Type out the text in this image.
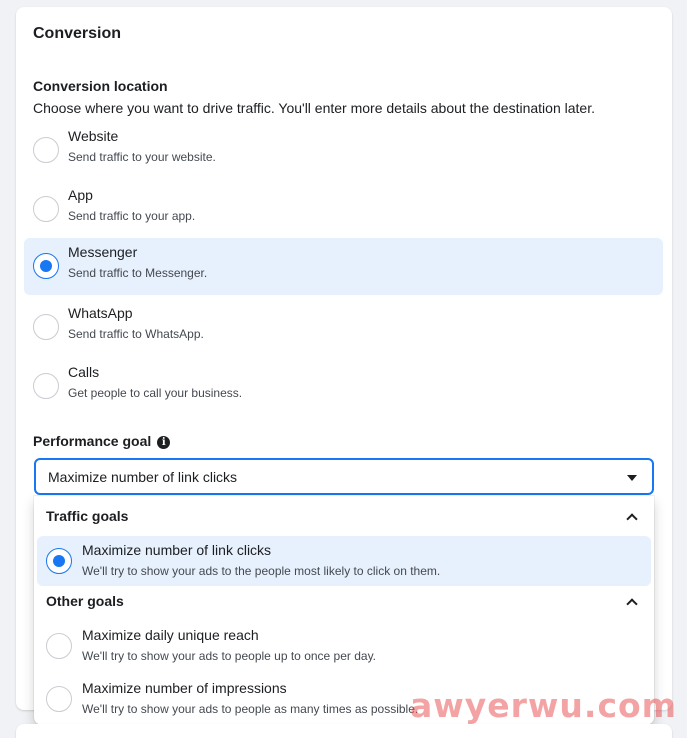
Conversion
Conversion location
Choose where you want to drive traffic. You'll enter more details about the destination later.
Website
Send traffic to your website.
App
Send traffic to your app.
Messenger
Send traffic to Messenger.
WhatsApp
Send traffic to WhatsApp.
Calls
Get people to call your business.
Performance goal i
Maximize number of link clicks
Traffic goals
Maximize number of link clicks
We'll try to show your ads to the people most likely to click on them.
Other goals
Maximize daily unique reach
We'll try to show your ads to people up to once per day.
Maximize number of impressions
We'll try to show your ads to people as many times as possible.
awyerwu.com
